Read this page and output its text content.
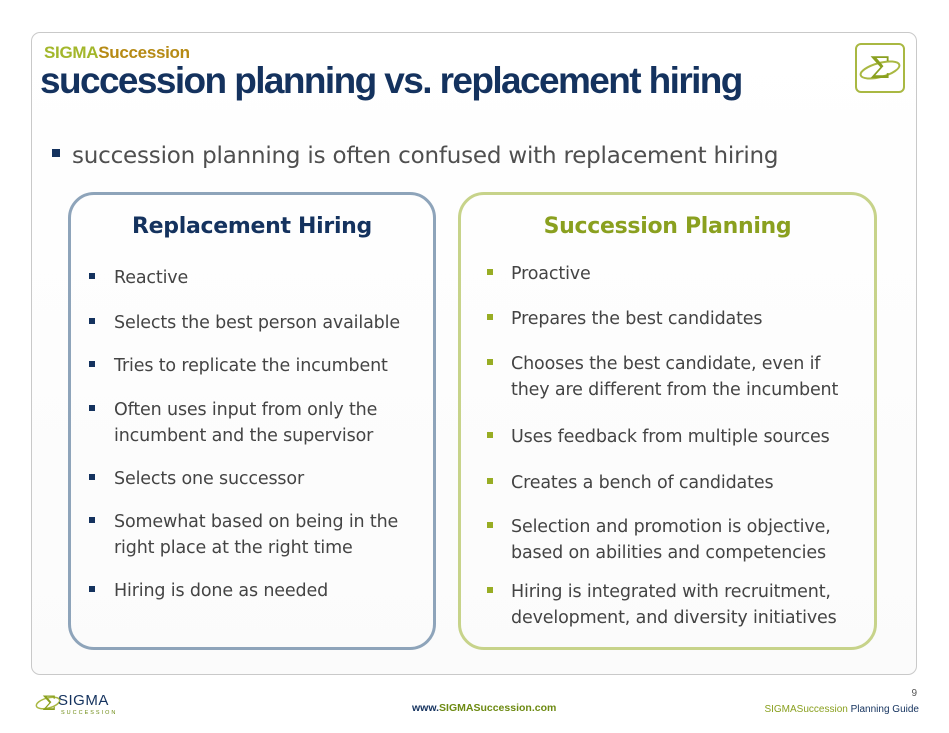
SIGMASuccession
succession planning vs. replacement hiring	Σ
succession planning is often confused with replacement hiring
Replacement Hiring
Reactive
Selects the best person available
Tries to replicate the incumbent
Often uses input from only the
incumbent and the supervisor
Selects one successor
Somewhat based on being in the
right place at the right time
Hiring is done as needed
Succession Planning
Proactive
Prepares the best candidates
Chooses the best candidate, even if
they are different from the incumbent
Uses feedback from multiple sources
Creates a bench of candidates
Selection and promotion is objective,
based on abilities and competencies
Hiring is integrated with recruitment,
development, and diversity initiatives
Σ SIGMA
SUCCESSION	www.SIGMASuccession.com
9
SIGMASuccession Planning Guide
